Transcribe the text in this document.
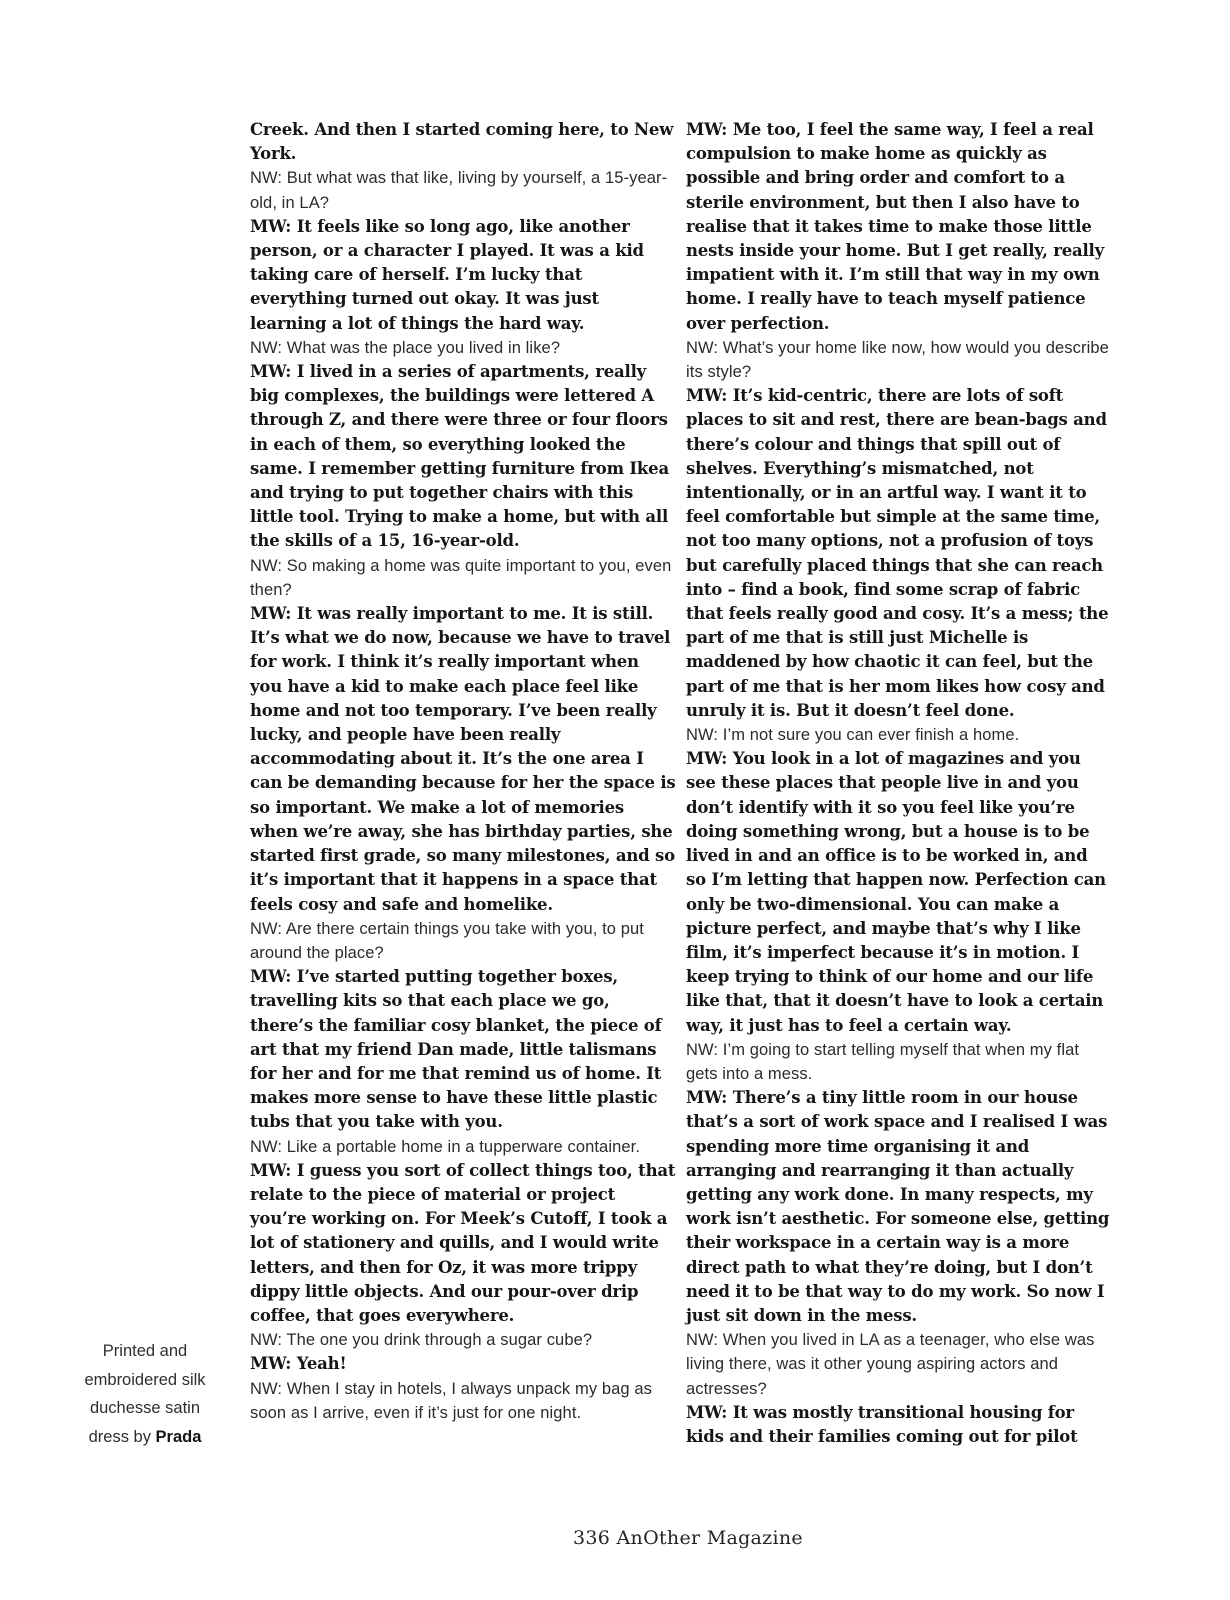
Printed and
embroidered silk
duchesse satin
dress by Prada

Creek. And then I started coming here, to New York.

NW: But what was that like, living by yourself, a 15-year-old, in LA?

MW: It feels like so long ago, like another person, or a character I played. It was a kid taking care of herself. I’m lucky that everything turned out okay. It was just learning a lot of things the hard way.

NW: What was the place you lived in like?

MW: I lived in a series of apartments, really big complexes, the buildings were lettered A through Z, and there were three or four floors in each of them, so everything looked the same. I remember getting furniture from Ikea and trying to put together chairs with this little tool. Trying to make a home, but with all the skills of a 15, 16-year-old.

NW: So making a home was quite important to you, even then?

MW: It was really important to me. It is still. It’s what we do now, because we have to travel for work. I think it’s really important when you have a kid to make each place feel like home and not too temporary. I’ve been really lucky, and people have been really accommodating about it. It’s the one area I can be demanding because for her the space is so important. We make a lot of memories when we’re away, she has birthday parties, she started first grade, so many milestones, and so it’s important that it happens in a space that feels cosy and safe and homelike.

NW: Are there certain things you take with you, to put around the place?

MW: I’ve started putting together boxes, travelling kits so that each place we go, there’s the familiar cosy blanket, the piece of art that my friend Dan made, little talismans for her and for me that remind us of home. It makes more sense to have these little plastic tubs that you take with you.

NW: Like a portable home in a tupperware container.

MW: I guess you sort of collect things too, that relate to the piece of material or project you’re working on. For Meek’s Cutoff, I took a lot of stationery and quills, and I would write letters, and then for Oz, it was more trippy dippy little objects. And our pour-over drip coffee, that goes everywhere.

NW: The one you drink through a sugar cube?

MW: Yeah!

NW: When I stay in hotels, I always unpack my bag as soon as I arrive, even if it’s just for one night.

MW: Me too, I feel the same way, I feel a real compulsion to make home as quickly as possible and bring order and comfort to a sterile environment, but then I also have to realise that it takes time to make those little nests inside your home. But I get really, really impatient with it. I’m still that way in my own home. I really have to teach myself patience over perfection.

NW: What’s your home like now, how would you describe its style?

MW: It’s kid-centric, there are lots of soft places to sit and rest, there are bean-bags and there’s colour and things that spill out of shelves. Everything’s mismatched, not intentionally, or in an artful way. I want it to feel comfortable but simple at the same time, not too many options, not a profusion of toys but carefully placed things that she can reach into – find a book, find some scrap of fabric that feels really good and cosy. It’s a mess; the part of me that is still just Michelle is maddened by how chaotic it can feel, but the part of me that is her mom likes how cosy and unruly it is. But it doesn’t feel done.

NW: I’m not sure you can ever finish a home.

MW: You look in a lot of magazines and you see these places that people live in and you don’t identify with it so you feel like you’re doing something wrong, but a house is to be lived in and an office is to be worked in, and so I’m letting that happen now. Perfection can only be two-dimensional. You can make a picture perfect, and maybe that’s why I like film, it’s imperfect because it’s in motion. I keep trying to think of our home and our life like that, that it doesn’t have to look a certain way, it just has to feel a certain way.

NW: I’m going to start telling myself that when my flat gets into a mess.

MW: There’s a tiny little room in our house that’s a sort of work space and I realised I was spending more time organising it and arranging and rearranging it than actually getting any work done. In many respects, my work isn’t aesthetic. For someone else, getting their workspace in a certain way is a more direct path to what they’re doing, but I don’t need it to be that way to do my work. So now I just sit down in the mess.

NW: When you lived in LA as a teenager, who else was living there, was it other young aspiring actors and actresses?

MW: It was mostly transitional housing for kids and their families coming out for pilot

336 AnOther Magazine
